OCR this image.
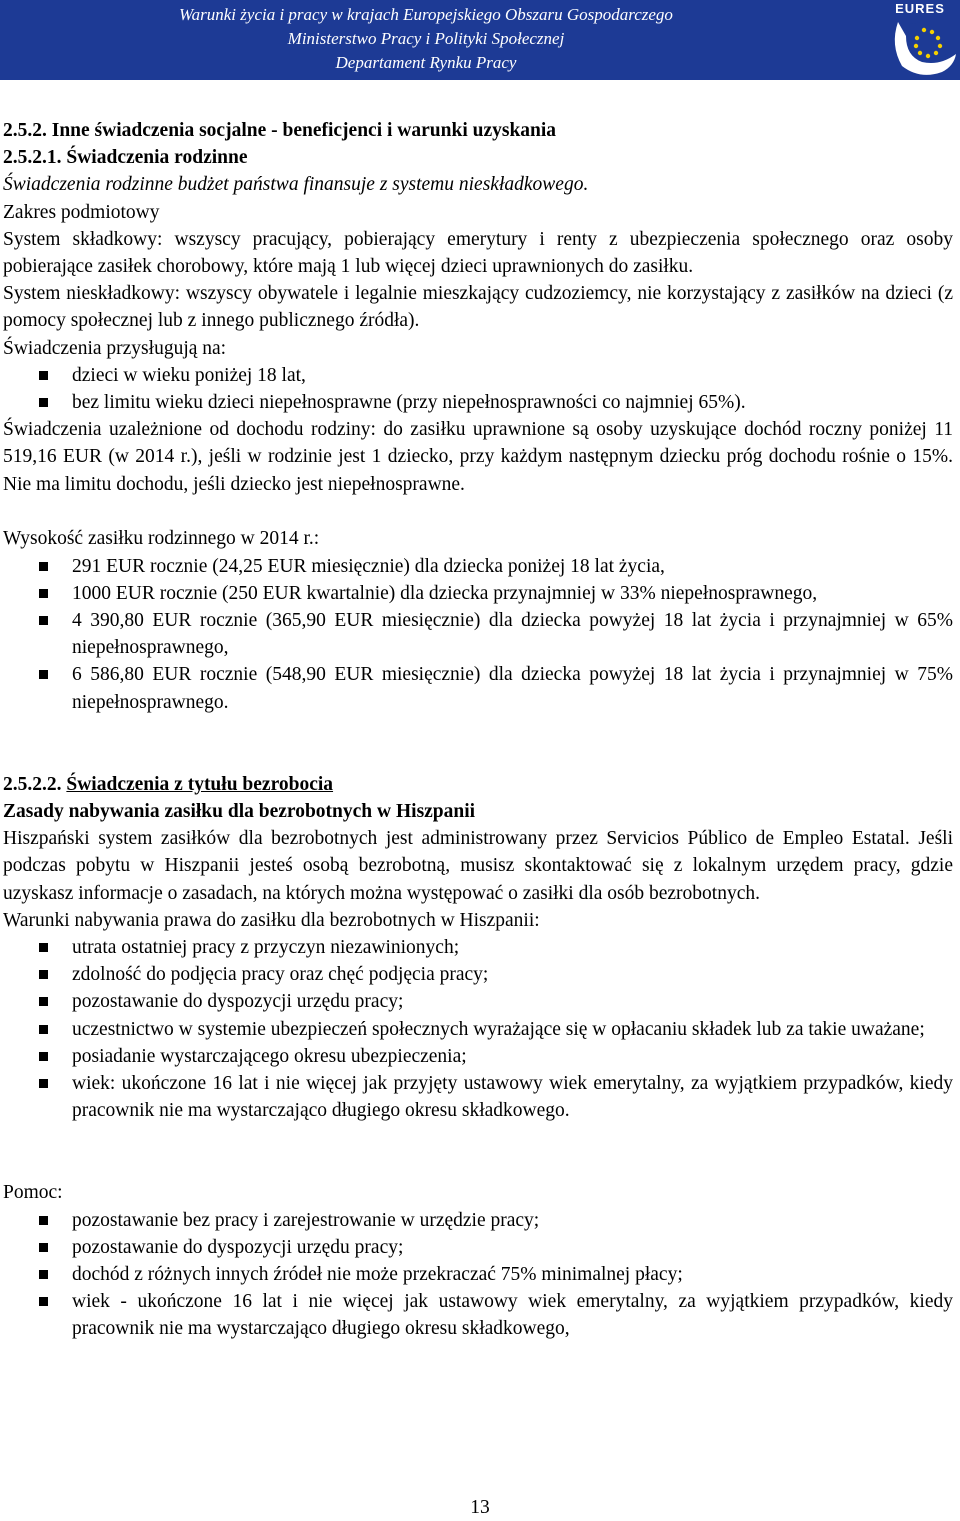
Warunki życia i pracy w krajach Europejskiego Obszaru Gospodarczego
Ministerstwo Pracy i Polityki Społecznej
Departament Rynku Pracy
EURES

2.5.2. Inne świadczenia socjalne - beneficjenci i warunki uzyskania

2.5.2.1. Świadczenia rodzinne

Świadczenia rodzinne budżet państwa finansuje z systemu nieskładkowego.

Zakres podmiotowy

System składkowy: wszyscy pracujący, pobierający emerytury i renty z ubezpieczenia społecznego oraz osoby pobierające zasiłek chorobowy, które mają 1 lub więcej dzieci uprawnionych do zasiłku.

System nieskładkowy: wszyscy obywatele i legalnie mieszkający cudzoziemcy, nie korzystający z zasiłków na dzieci (z pomocy społecznej lub z innego publicznego źródła).

Świadczenia przysługują na:

dzieci w wieku poniżej 18 lat,
bez limitu wieku dzieci niepełnosprawne (przy niepełnosprawności co najmniej 65%).

Świadczenia uzależnione od dochodu rodziny: do zasiłku uprawnione są osoby uzyskujące dochód roczny poniżej 11 519,16 EUR (w 2014 r.), jeśli w rodzinie jest 1 dziecko, przy każdym następnym dziecku próg dochodu rośnie o 15%. Nie ma limitu dochodu, jeśli dziecko jest niepełnosprawne.

Wysokość zasiłku rodzinnego w 2014 r.:

291 EUR rocznie (24,25 EUR miesięcznie) dla dziecka poniżej 18 lat życia,
1000 EUR rocznie (250 EUR kwartalnie) dla dziecka przynajmniej w 33% niepełnosprawnego,
4 390,80 EUR rocznie (365,90 EUR miesięcznie) dla dziecka powyżej 18 lat życia i przynajmniej w 65% niepełnosprawnego,
6 586,80 EUR rocznie (548,90 EUR miesięcznie) dla dziecka powyżej 18 lat życia i przynajmniej w 75% niepełnosprawnego.

2.5.2.2. Świadczenia z tytułu bezrobocia

Zasady nabywania zasiłku dla bezrobotnych w Hiszpanii

Hiszpański system zasiłków dla bezrobotnych jest administrowany przez Servicios Público de Empleo Estatal. Jeśli podczas pobytu w Hiszpanii jesteś osobą bezrobotną, musisz skontaktować się z lokalnym urzędem pracy, gdzie uzyskasz informacje o zasadach, na których można występować o zasiłki dla osób bezrobotnych.

Warunki nabywania prawa do zasiłku dla bezrobotnych w Hiszpanii:

utrata ostatniej pracy z przyczyn niezawinionych;
zdolność do podjęcia pracy oraz chęć podjęcia pracy;
pozostawanie do dyspozycji urzędu pracy;
uczestnictwo w systemie ubezpieczeń społecznych wyrażające się w opłacaniu składek lub za takie uważane;
posiadanie wystarczającego okresu ubezpieczenia;
wiek: ukończone 16 lat i nie więcej jak przyjęty ustawowy wiek emerytalny, za wyjątkiem przypadków, kiedy pracownik nie ma wystarczająco długiego okresu składkowego.

Pomoc:

pozostawanie bez pracy i zarejestrowanie w urzędzie pracy;
pozostawanie do dyspozycji urzędu pracy;
dochód z różnych innych źródeł nie może przekraczać 75% minimalnej płacy;
wiek - ukończone 16 lat i nie więcej jak ustawowy wiek emerytalny, za wyjątkiem przypadków, kiedy pracownik nie ma wystarczająco długiego okresu składkowego,
13
